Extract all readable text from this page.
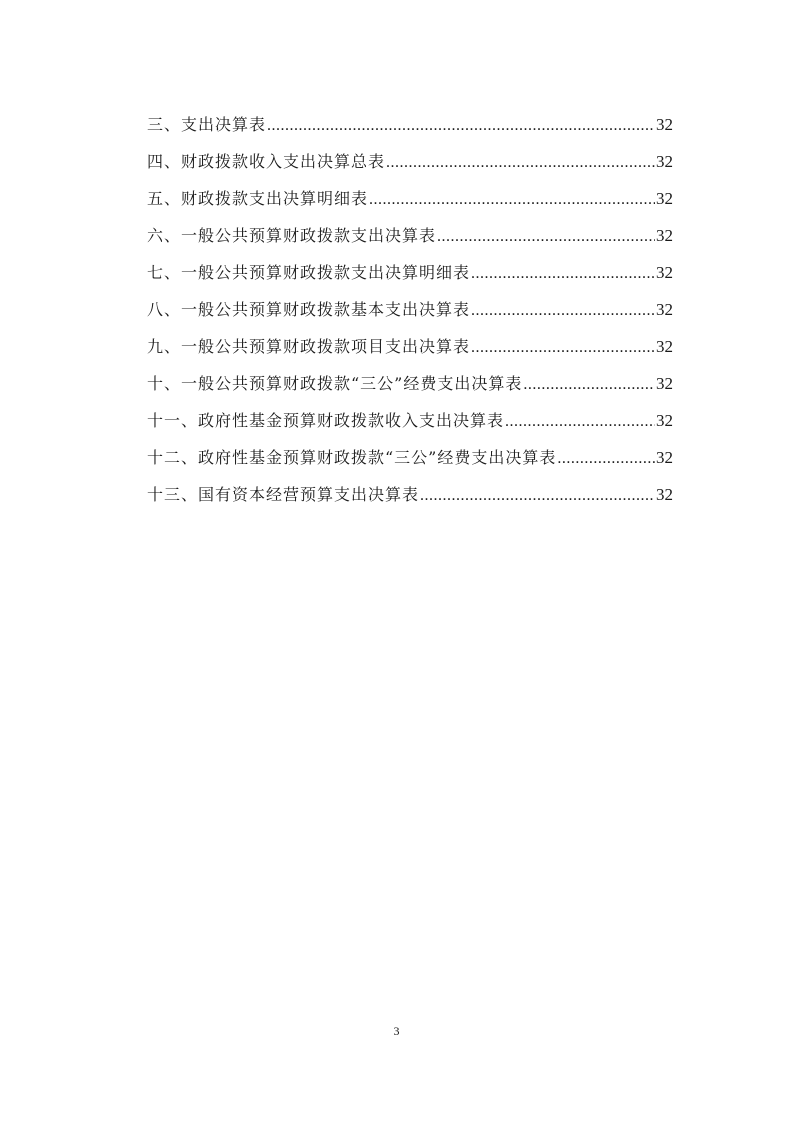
三、支出决算表 .....	32
四、财政拨款收入支出决算总表 .....	32
五、财政拨款支出决算明细表 .....	32
六、一般公共预算财政拨款支出决算表 .....	32
七、一般公共预算财政拨款支出决算明细表 .....	32
八、一般公共预算财政拨款基本支出决算表 .....	32
九、一般公共预算财政拨款项目支出决算表 .....	32
十、一般公共预算财政拨款“三公”经费支出决算表 .....	32
十一、政府性基金预算财政拨款收入支出决算表 .....	32
十二、政府性基金预算财政拨款“三公”经费支出决算表 .....	32
十三、国有资本经营预算支出决算表 .....	32
3
